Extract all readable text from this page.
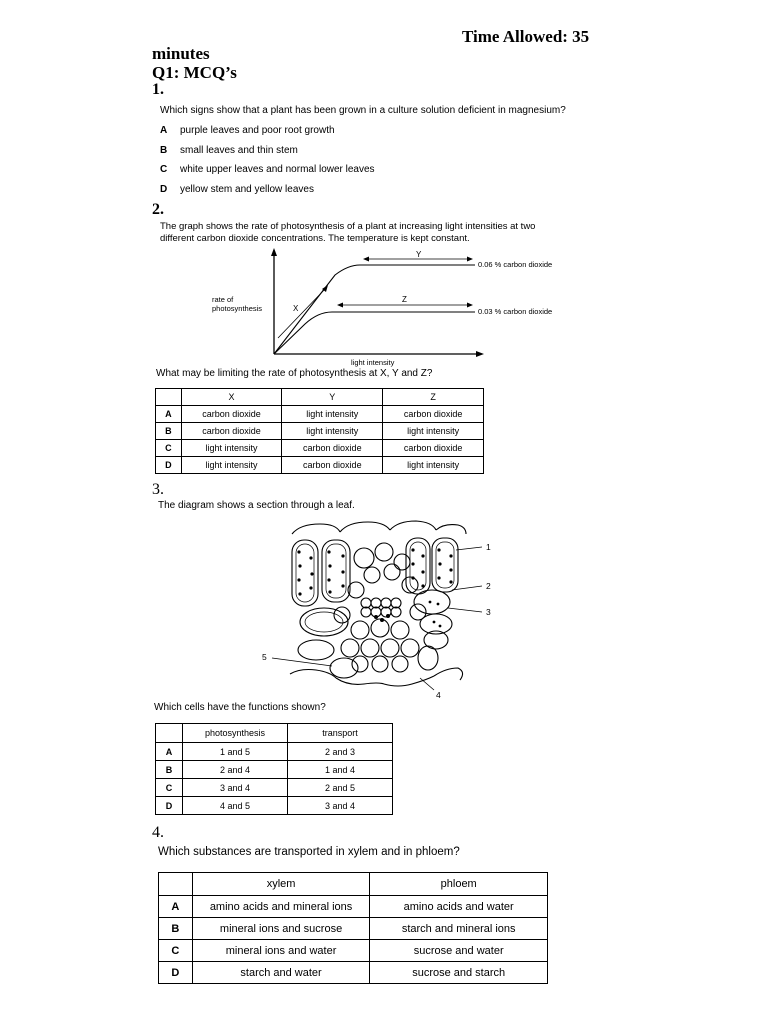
Time Allowed: 35
minutes
Q1: MCQ’s
1.
Which signs show that a plant has been grown in a culture solution deficient in magnesium?
A purple leaves and poor root growth
B small leaves and thin stem
C white upper leaves and normal lower leaves
D yellow stem and yellow leaves
2.
The graph shows the rate of photosynthesis of a plant at increasing light intensities at two
different carbon dioxide concentrations. The temperature is kept constant.
Y
Z
X
0.06 % carbon dioxide
0.03 % carbon dioxide
rate of
photosynthesis
light intensity
What may be limiting the rate of photosynthesis at X, Y and Z?
	X	Y	Z
A	carbon dioxide	light intensity	carbon dioxide
B	carbon dioxide	light intensity	light intensity
C	light intensity	carbon dioxide	carbon dioxide
D	light intensity	carbon dioxide	light intensity
3.
The diagram shows a section through a leaf.
1
2
3
4
5
Which cells have the functions shown?
	photosynthesis	transport
A	1 and 5	2 and 3
B	2 and 4	1 and 4
C	3 and 4	2 and 5
D	4 and 5	3 and 4
4.
Which substances are transported in xylem and in phloem?
	xylem	phloem
A	amino acids and mineral ions	amino acids and water
B	mineral ions and sucrose	starch and mineral ions
C	mineral ions and water	sucrose and water
D	starch and water	sucrose and starch
